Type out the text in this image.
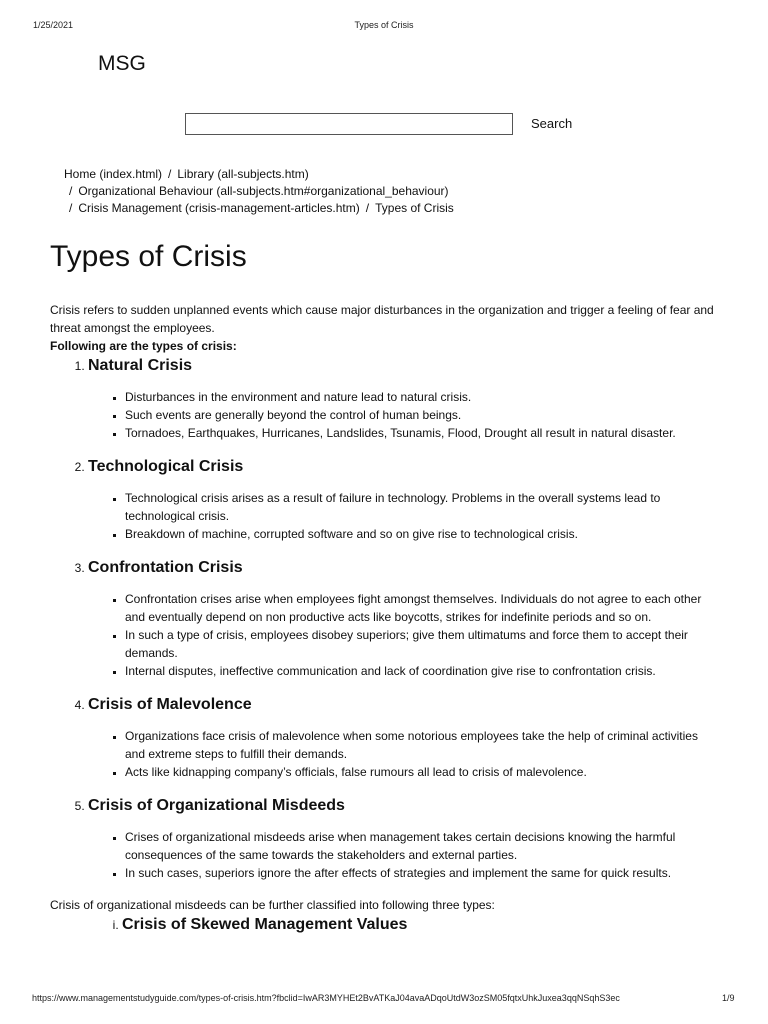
1/25/2021	Types of Crisis
MSG
Search
Home (index.html) / Library (all-subjects.htm)
/ Organizational Behaviour (all-subjects.htm#organizational_behaviour)
/ Crisis Management (crisis-management-articles.htm) / Types of Crisis
Types of Crisis

Crisis refers to sudden unplanned events which cause major disturbances in the organization and trigger a feeling of fear and threat amongst the employees.

Following are the types of crisis:

1. Natural Crisis
▪ Disturbances in the environment and nature lead to natural crisis.
▪ Such events are generally beyond the control of human beings.
▪ Tornadoes, Earthquakes, Hurricanes, Landslides, Tsunamis, Flood, Drought all result in natural disaster.
2. Technological Crisis
▪ Technological crisis arises as a result of failure in technology. Problems in the overall systems lead to technological crisis.
▪ Breakdown of machine, corrupted software and so on give rise to technological crisis.
3. Confrontation Crisis
▪ Confrontation crises arise when employees fight amongst themselves. Individuals do not agree to each other and eventually depend on non productive acts like boycotts, strikes for indefinite periods and so on.
▪ In such a type of crisis, employees disobey superiors; give them ultimatums and force them to accept their demands.
▪ Internal disputes, ineffective communication and lack of coordination give rise to confrontation crisis.
4. Crisis of Malevolence
▪ Organizations face crisis of malevolence when some notorious employees take the help of criminal activities and extreme steps to fulfill their demands.
▪ Acts like kidnapping company’s officials, false rumours all lead to crisis of malevolence.
5. Crisis of Organizational Misdeeds
▪ Crises of organizational misdeeds arise when management takes certain decisions knowing the harmful consequences of the same towards the stakeholders and external parties.
▪ In such cases, superiors ignore the after effects of strategies and implement the same for quick results.

Crisis of organizational misdeeds can be further classified into following three types:

i. Crisis of Skewed Management Values
https://www.managementstudyguide.com/types-of-crisis.htm?fbclid=IwAR3MYHEt2BvATKaJ04avaADqoUtdW3ozSM05fqtxUhkJuxea3qqNSqhS3ec	1/9
